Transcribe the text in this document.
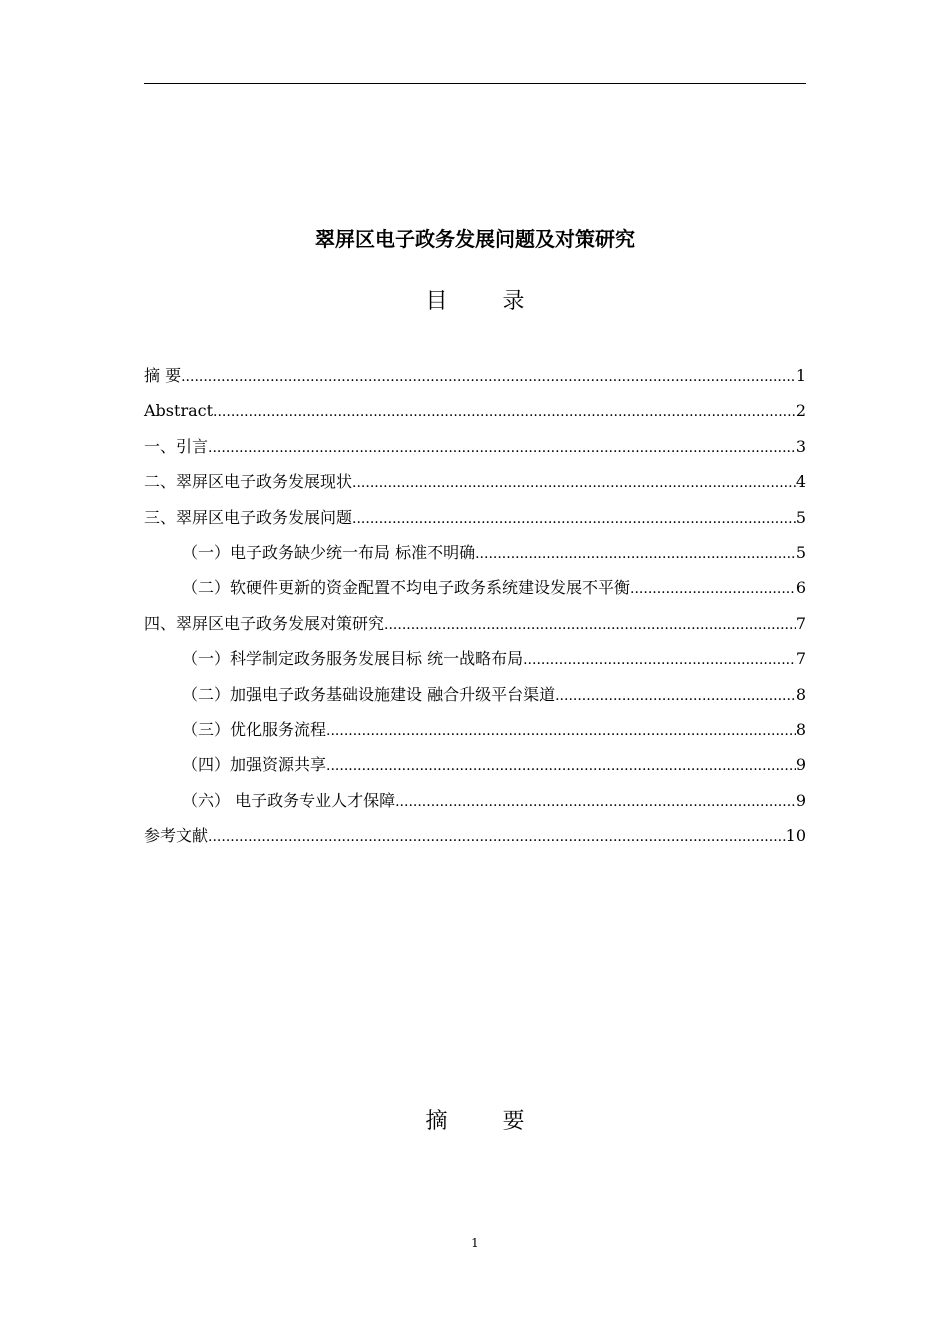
翠屏区电子政务发展问题及对策研究
目 录
摘 要 .....	1
Abstract .....	2
一、引言 .....	3
二、翠屏区电子政务发展现状 .....	4
三、翠屏区电子政务发展问题 .....	5
（一）电子政务缺少统一布局 标准不明确 .....	5
（二）软硬件更新的资金配置不均电子政务系统建设发展不平衡 .....	6
四、翠屏区电子政务发展对策研究 .....	7
（一）科学制定政务服务发展目标 统一战略布局 .....	7
（二）加强电子政务基础设施建设 融合升级平台渠道 .....	8
（三）优化服务流程 .....	8
（四）加强资源共享 .....	9
（六） 电子政务专业人才保障 .....	9
参考文献 .....	10
摘 要
1
